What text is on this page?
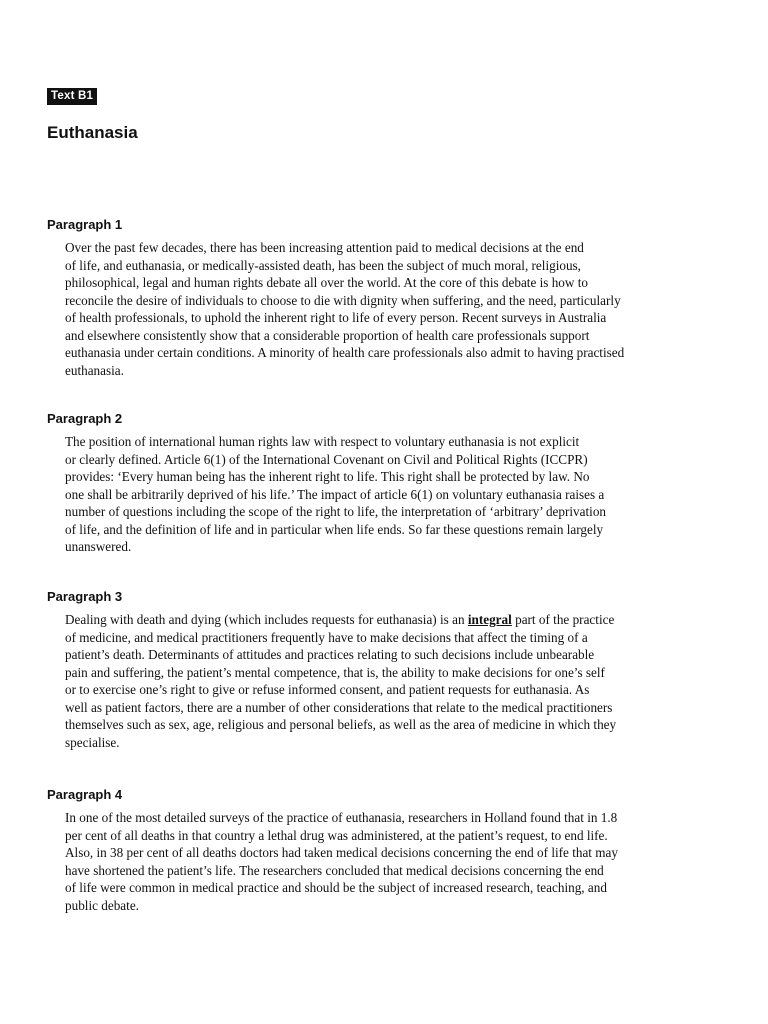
Text B1
Euthanasia
Paragraph 1

Over the past few decades, there has been increasing attention paid to medical decisions at the end
of life, and euthanasia, or medically-assisted death, has been the subject of much moral, religious,
philosophical, legal and human rights debate all over the world. At the core of this debate is how to
reconcile the desire of individuals to choose to die with dignity when suffering, and the need, particularly
of health professionals, to uphold the inherent right to life of every person. Recent surveys in Australia
and elsewhere consistently show that a considerable proportion of health care professionals support
euthanasia under certain conditions. A minority of health care professionals also admit to having practised
euthanasia.

Paragraph 2

The position of international human rights law with respect to voluntary euthanasia is not explicit
or clearly defined. Article 6(1) of the International Covenant on Civil and Political Rights (ICCPR)
provides: ‘Every human being has the inherent right to life. This right shall be protected by law. No
one shall be arbitrarily deprived of his life.’ The impact of article 6(1) on voluntary euthanasia raises a
number of questions including the scope of the right to life, the interpretation of ‘arbitrary’ deprivation
of life, and the definition of life and in particular when life ends. So far these questions remain largely
unanswered.

Paragraph 3

Dealing with death and dying (which includes requests for euthanasia) is an integral part of the practice
of medicine, and medical practitioners frequently have to make decisions that affect the timing of a
patient’s death. Determinants of attitudes and practices relating to such decisions include unbearable
pain and suffering, the patient’s mental competence, that is, the ability to make decisions for one’s self
or to exercise one’s right to give or refuse informed consent, and patient requests for euthanasia. As
well as patient factors, there are a number of other considerations that relate to the medical practitioners
themselves such as sex, age, religious and personal beliefs, as well as the area of medicine in which they
specialise.

Paragraph 4

In one of the most detailed surveys of the practice of euthanasia, researchers in Holland found that in 1.8
per cent of all deaths in that country a lethal drug was administered, at the patient’s request, to end life.
Also, in 38 per cent of all deaths doctors had taken medical decisions concerning the end of life that may
have shortened the patient’s life. The researchers concluded that medical decisions concerning the end
of life were common in medical practice and should be the subject of increased research, teaching, and
public debate.
